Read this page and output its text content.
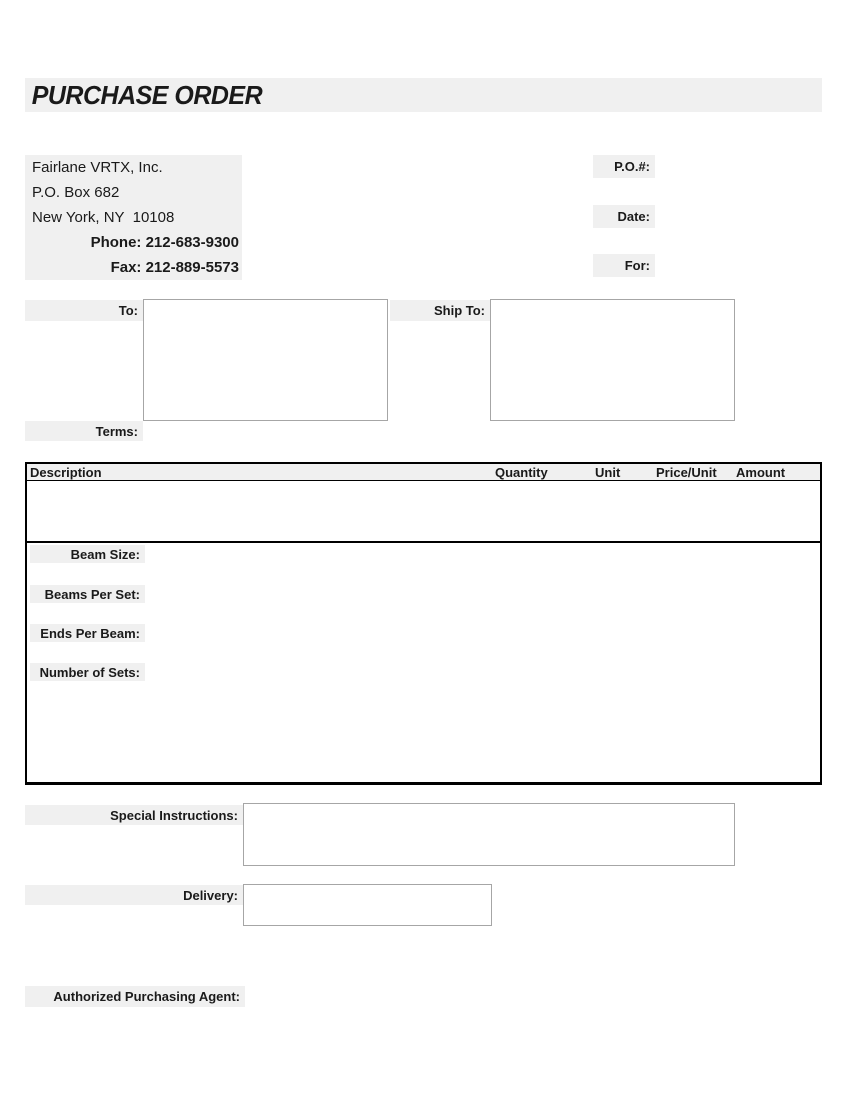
PURCHASE ORDER
Fairlane VRTX, Inc.
P.O. Box 682
New York, NY  10108
Phone: 212-683-9300
Fax: 212-889-5573
P.O.#:
Date:
For:
To:	Ship To:
Terms:
Description	Quantity	Unit	Price/Unit Amount
Beam Size:
Beams Per Set:
Ends Per Beam:
Number of Sets:
Special Instructions:
Delivery:
Authorized Purchasing Agent:
